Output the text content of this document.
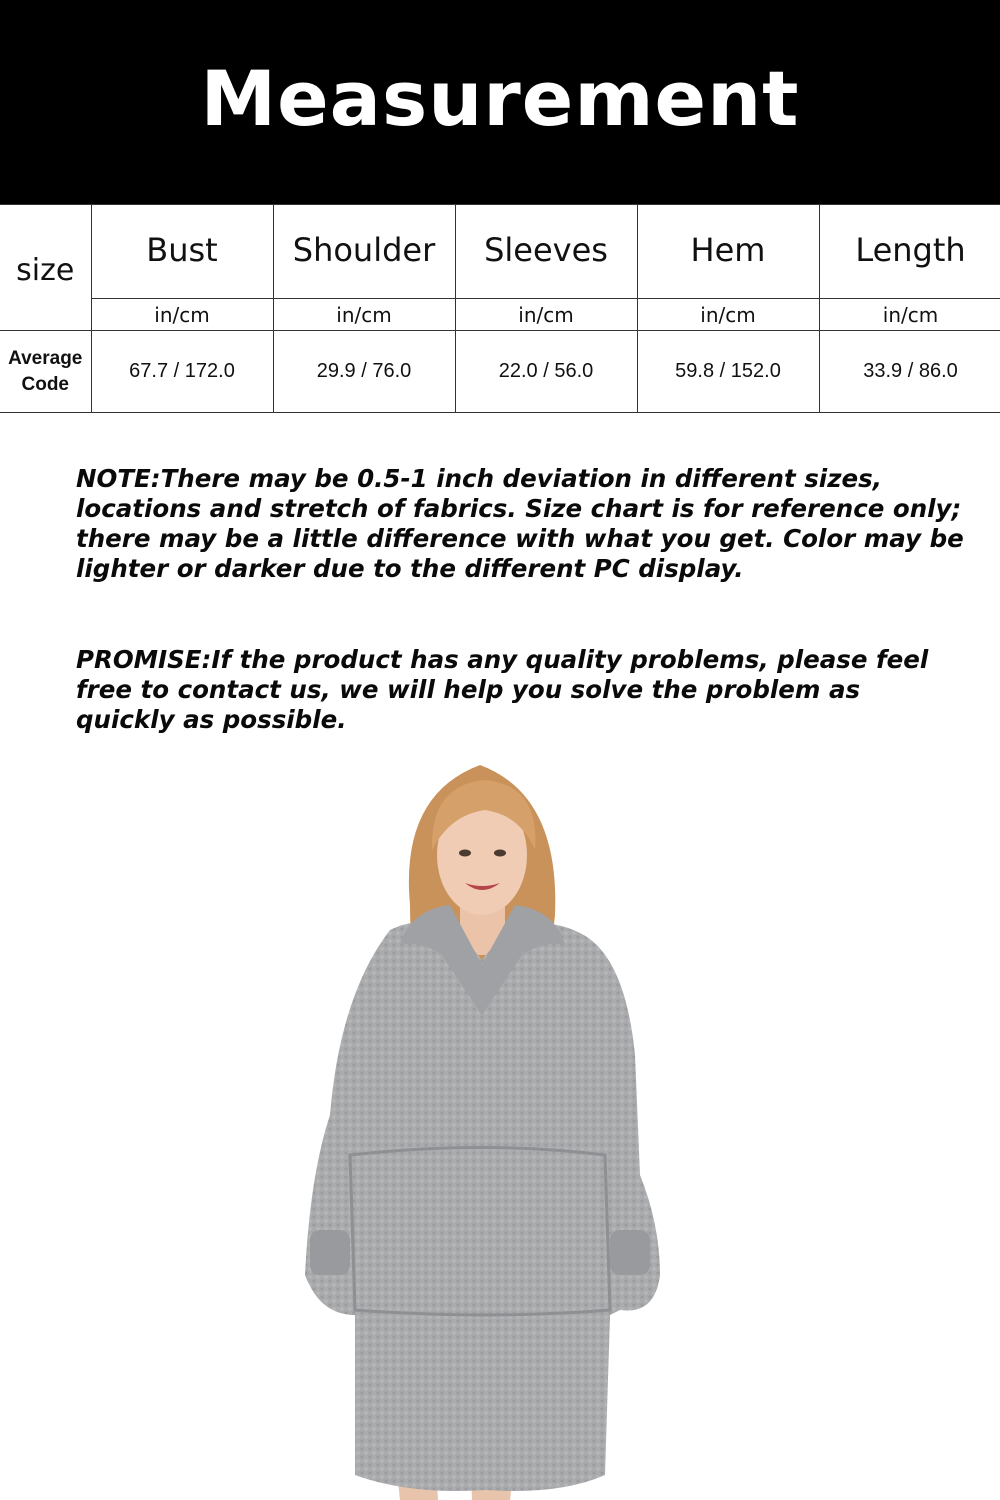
Measurement
size	Bust	Shoulder	Sleeves	Hem	Length
	in/cm	in/cm	in/cm	in/cm	in/cm
Average
Code	67.7 / 172.0	29.9 / 76.0	22.0 / 56.0	59.8 / 152.0	33.9 / 86.0

NOTE:There may be 0.5-1 inch deviation in different sizes, locations and stretch of fabrics. Size chart is for reference only; there may be a little difference with what you get. Color may be lighter or darker due to the different PC display.

PROMISE:If the product has any quality problems, please feel free to contact us, we will help you solve the problem as quickly as possible.
